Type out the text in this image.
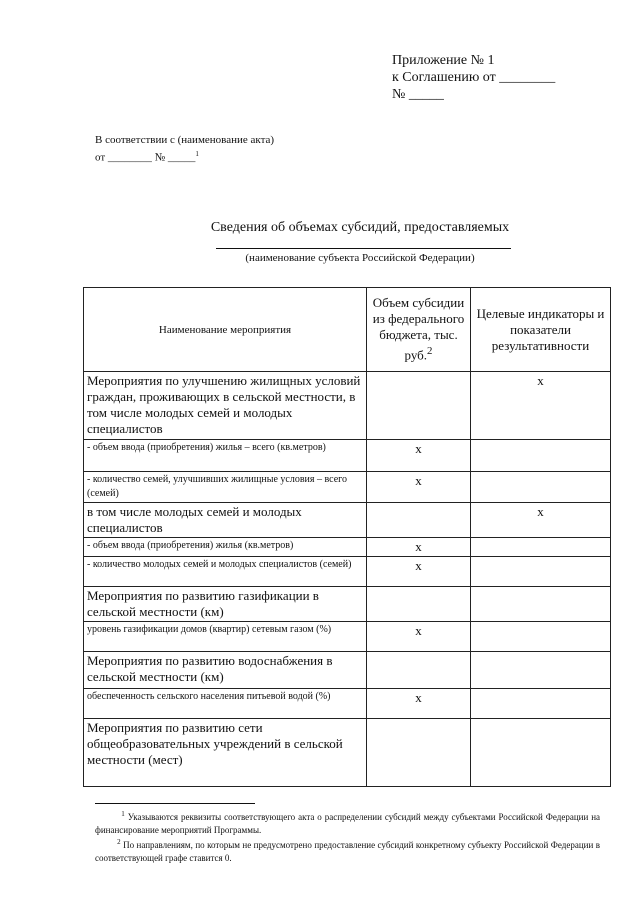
Приложение № 1
к Соглашению от ________
№ _____
В соответствии с (наименование акта)
от ________ № _____$^1$
Сведения об объемах субсидий, предоставляемых
(наименование субъекта Российской Федерации)
Наименование мероприятия	Объем субсидии из федерального бюджета, тыс. руб.$^2$	Целевые индикаторы и показатели результативности
Мероприятия по улучшению жилищных условий граждан, проживающих в сельской местности, в том числе молодых семей и молодых специалистов		x
- объем ввода (приобретения) жилья – всего (кв.метров)	x	
- количество семей, улучшивших жилищные условия – всего (семей)	x	
в том числе молодых семей и молодых специалистов		x
- объем ввода (приобретения) жилья (кв.метров)	x	
- количество молодых семей и молодых специалистов (семей)	x	
Мероприятия по развитию газификации в сельской местности (км)		
уровень газификации домов (квартир) сетевым газом (%)	x	
Мероприятия по развитию водоснабжения в сельской местности (км)		
обеспеченность сельского населения питьевой водой (%)	x	
Мероприятия по развитию сети общеобразовательных учреждений в сельской местности (мест)		
$^1$ Указываются реквизиты соответствующего акта о распределении субсидий между субъектами Российской Федерации на финансирование мероприятий Программы.
$^2$ По направлениям, по которым не предусмотрено предоставление субсидий конкретному субъекту Российской Федерации в соответствующей графе ставится 0.
